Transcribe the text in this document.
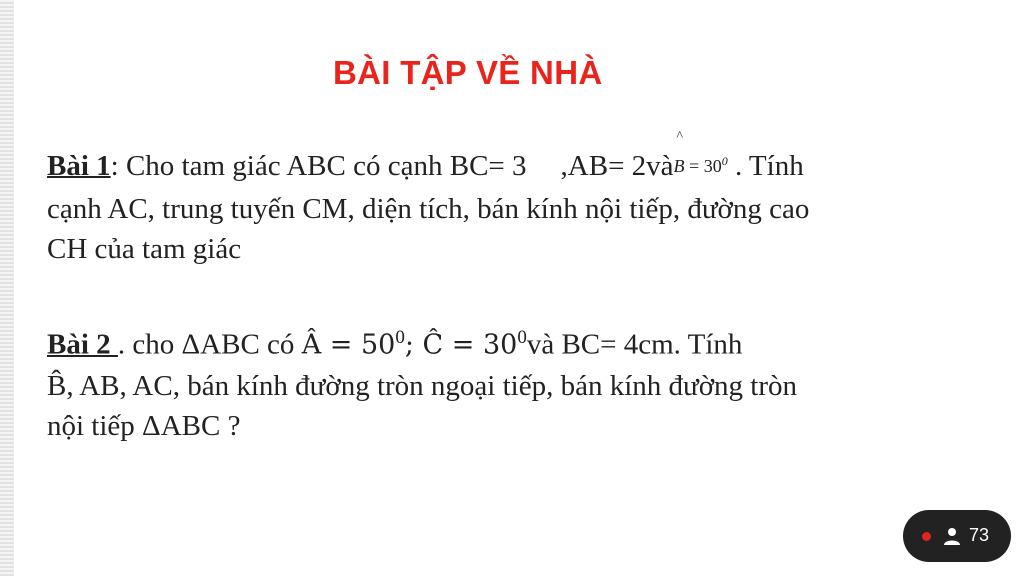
BÀI TẬP VỀ NHÀ
Bài 1: Cho tam giác ABC có cạnh BC= 3 ,AB= 2và
^
$B = 30^0$ . Tính
cạnh AC, trung tuyến CM, diện tích, bán kính nội tiếp, đường cao
CH của tam giác
Bài 2 . cho ΔABC có Â = $50^0$; Ĉ = $30^0và$ BC= 4cm. Tính
B̂, AB, AC, bán kính đường tròn ngoại tiếp, bán kính đường tròn
nội tiếp ΔABC ?
73
